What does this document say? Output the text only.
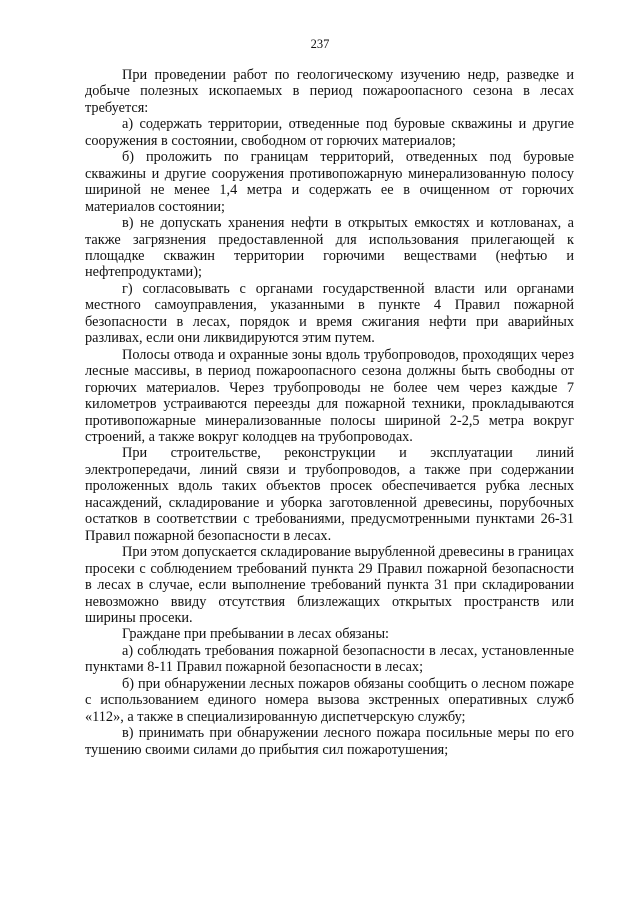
237

При проведении работ по геологическому изучению недр, разведке и добыче полезных ископаемых в период пожароопасного сезона в лесах требуется:

а) содержать территории, отведенные под буровые скважины и другие сооружения в состоянии, свободном от горючих материалов;

б) проложить по границам территорий, отведенных под буровые скважины и другие сооружения противопожарную минерализованную полосу шириной не менее 1,4 метра и содержать ее в очищенном от горючих материалов состоянии;

в) не допускать хранения нефти в открытых емкостях и котлованах, а также загрязнения предоставленной для использования прилегающей к площадке скважин территории горючими веществами (нефтью и нефтепродуктами);

г) согласовывать с органами государственной власти или органами местного самоуправления, указанными в пункте 4 Правил пожарной безопасности в лесах, порядок и время сжигания нефти при аварийных разливах, если они ликвидируются этим путем.

Полосы отвода и охранные зоны вдоль трубопроводов, проходящих через лесные массивы, в период пожароопасного сезона должны быть свободны от горючих материалов. Через трубопроводы не более чем через каждые 7 километров устраиваются переезды для пожарной техники, прокладываются противопожарные минерализованные полосы шириной 2-2,5 метра вокруг строений, а также вокруг колодцев на трубопроводах.

При строительстве, реконструкции и эксплуатации линий электропередачи, линий связи и трубопроводов, а также при содержании проложенных вдоль таких объектов просек обеспечивается рубка лесных насаждений, складирование и уборка заготовленной древесины, порубочных остатков в соответствии с требованиями, предусмотренными пунктами 26-31 Правил пожарной безопасности в лесах.

При этом допускается складирование вырубленной древесины в границах просеки с соблюдением требований пункта 29 Правил пожарной безопасности в лесах в случае, если выполнение требований пункта 31 при складировании невозможно ввиду отсутствия близлежащих открытых пространств или ширины просеки.

Граждане при пребывании в лесах обязаны:

а) соблюдать требования пожарной безопасности в лесах, установленные пунктами 8-11 Правил пожарной безопасности в лесах;

б) при обнаружении лесных пожаров обязаны сообщить о лесном пожаре с использованием единого номера вызова экстренных оперативных служб «112», а также в специализированную диспетчерскую службу;

в) принимать при обнаружении лесного пожара посильные меры по его тушению своими силами до прибытия сил пожаротушения;
